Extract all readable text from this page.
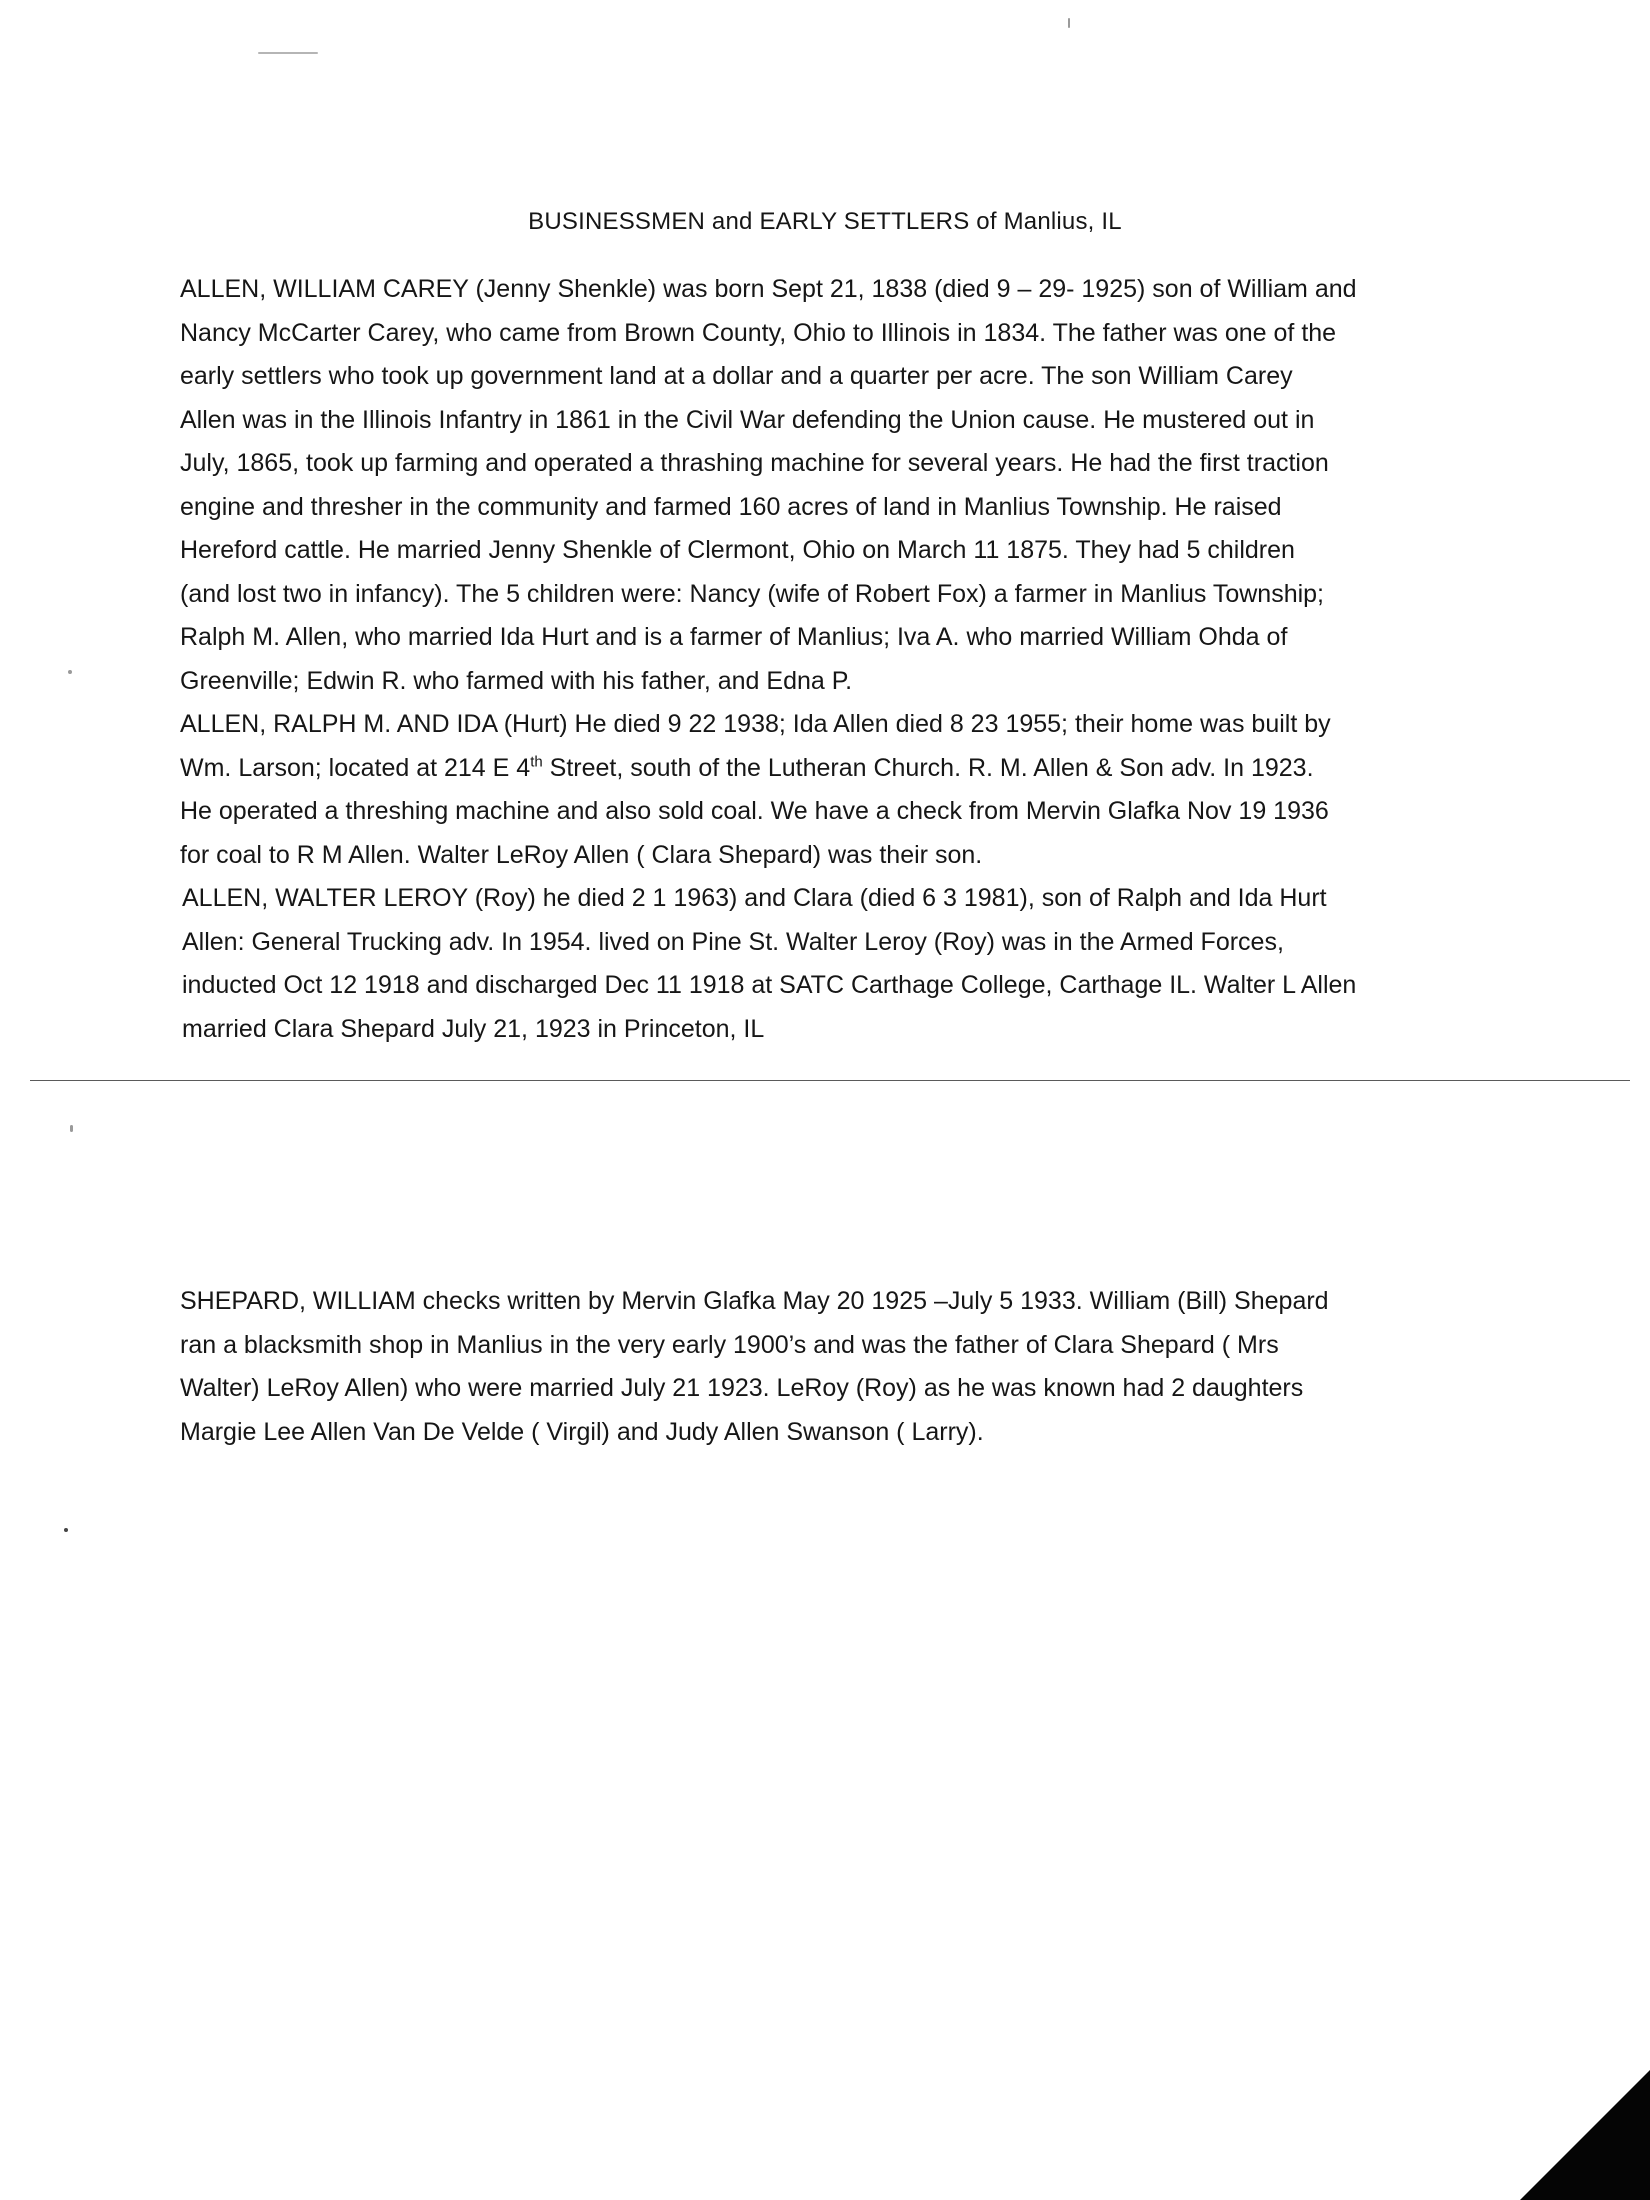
BUSINESSMEN and EARLY SETTLERS of Manlius, IL
ALLEN, WILLIAM CAREY (Jenny Shenkle) was born Sept 21, 1838 (died 9 – 29- 1925) son of William and
Nancy McCarter Carey, who came from Brown County, Ohio to Illinois in 1834. The father was one of the
early settlers who took up government land at a dollar and a quarter per acre. The son William Carey
Allen was in the Illinois Infantry in 1861 in the Civil War defending the Union cause. He mustered out in
July, 1865, took up farming and operated a thrashing machine for several years. He had the first traction
engine and thresher in the community and farmed 160 acres of land in Manlius Township. He raised
Hereford cattle. He married Jenny Shenkle of Clermont, Ohio on March 11 1875. They had 5 children
(and lost two in infancy). The 5 children were: Nancy (wife of Robert Fox) a farmer in Manlius Township;
Ralph M. Allen, who married Ida Hurt and is a farmer of Manlius; Iva A. who married William Ohda of
Greenville; Edwin R. who farmed with his father, and Edna P.
ALLEN, RALPH M. AND IDA (Hurt) He died 9 22 1938; Ida Allen died 8 23 1955; their home was built by
Wm. Larson; located at 214 E 4th Street, south of the Lutheran Church. R. M. Allen & Son adv. In 1923.
He operated a threshing machine and also sold coal. We have a check from Mervin Glafka Nov 19 1936
for coal to R M Allen. Walter LeRoy Allen ( Clara Shepard) was their son.
ALLEN, WALTER LEROY (Roy) he died 2 1 1963) and Clara (died 6 3 1981), son of Ralph and Ida Hurt
Allen: General Trucking adv. In 1954. lived on Pine St. Walter Leroy (Roy) was in the Armed Forces,
inducted Oct 12 1918 and discharged Dec 11 1918 at SATC Carthage College, Carthage IL. Walter L Allen
married Clara Shepard July 21, 1923 in Princeton, IL
SHEPARD, WILLIAM checks written by Mervin Glafka May 20 1925 –July 5 1933. William (Bill) Shepard
ran a blacksmith shop in Manlius in the very early 1900’s and was the father of Clara Shepard ( Mrs
Walter) LeRoy Allen) who were married July 21 1923. LeRoy (Roy) as he was known had 2 daughters
Margie Lee Allen Van De Velde ( Virgil) and Judy Allen Swanson ( Larry).
